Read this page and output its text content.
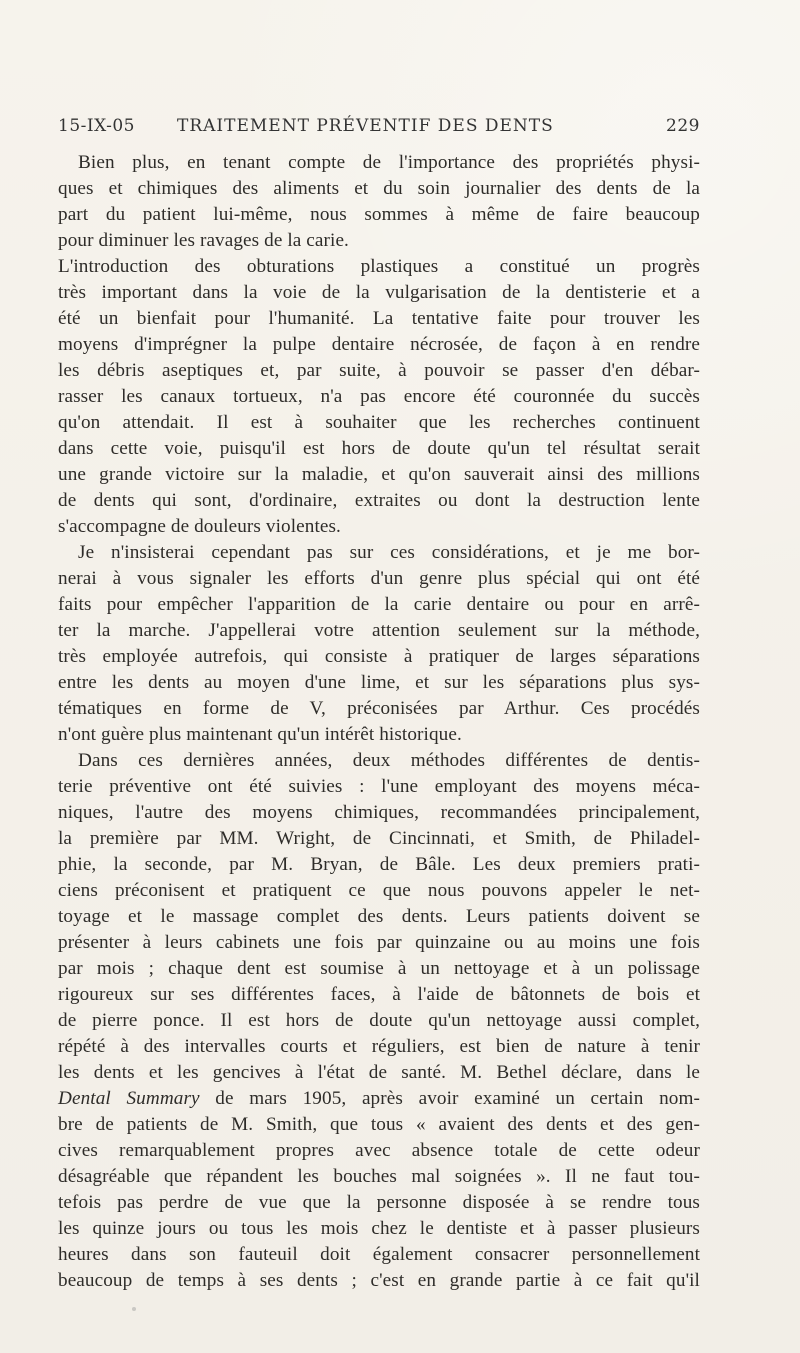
15-IX-05 TRAITEMENT PRÉVENTIF DES DENTS	229
Bien plus, en tenant compte de l'importance des propriétés physi-
ques et chimiques des aliments et du soin journalier des dents de la
part du patient lui-même, nous sommes à même de faire beaucoup
pour diminuer les ravages de la carie.
L'introduction des obturations plastiques a constitué un progrès
très important dans la voie de la vulgarisation de la dentisterie et a
été un bienfait pour l'humanité. La tentative faite pour trouver les
moyens d'imprégner la pulpe dentaire nécrosée, de façon à en rendre
les débris aseptiques et, par suite, à pouvoir se passer d'en débar-
rasser les canaux tortueux, n'a pas encore été couronnée du succès
qu'on attendait. Il est à souhaiter que les recherches continuent
dans cette voie, puisqu'il est hors de doute qu'un tel résultat serait
une grande victoire sur la maladie, et qu'on sauverait ainsi des millions
de dents qui sont, d'ordinaire, extraites ou dont la destruction lente
s'accompagne de douleurs violentes.
Je n'insisterai cependant pas sur ces considérations, et je me bor-
nerai à vous signaler les efforts d'un genre plus spécial qui ont été
faits pour empêcher l'apparition de la carie dentaire ou pour en arrê-
ter la marche. J'appellerai votre attention seulement sur la méthode,
très employée autrefois, qui consiste à pratiquer de larges séparations
entre les dents au moyen d'une lime, et sur les séparations plus sys-
tématiques en forme de V, préconisées par Arthur. Ces procédés
n'ont guère plus maintenant qu'un intérêt historique.
Dans ces dernières années, deux méthodes différentes de dentis-
terie préventive ont été suivies : l'une employant des moyens méca-
niques, l'autre des moyens chimiques, recommandées principalement,
la première par MM. Wright, de Cincinnati, et Smith, de Philadel-
phie, la seconde, par M. Bryan, de Bâle. Les deux premiers prati-
ciens préconisent et pratiquent ce que nous pouvons appeler le net-
toyage et le massage complet des dents. Leurs patients doivent se
présenter à leurs cabinets une fois par quinzaine ou au moins une fois
par mois ; chaque dent est soumise à un nettoyage et à un polissage
rigoureux sur ses différentes faces, à l'aide de bâtonnets de bois et
de pierre ponce. Il est hors de doute qu'un nettoyage aussi complet,
répété à des intervalles courts et réguliers, est bien de nature à tenir
les dents et les gencives à l'état de santé. M. Bethel déclare, dans le
Dental Summary de mars 1905, après avoir examiné un certain nom-
bre de patients de M. Smith, que tous « avaient des dents et des gen-
cives remarquablement propres avec absence totale de cette odeur
désagréable que répandent les bouches mal soignées ». Il ne faut tou-
tefois pas perdre de vue que la personne disposée à se rendre tous
les quinze jours ou tous les mois chez le dentiste et à passer plusieurs
heures dans son fauteuil doit également consacrer personnellement
beaucoup de temps à ses dents ; c'est en grande partie à ce fait qu'il
